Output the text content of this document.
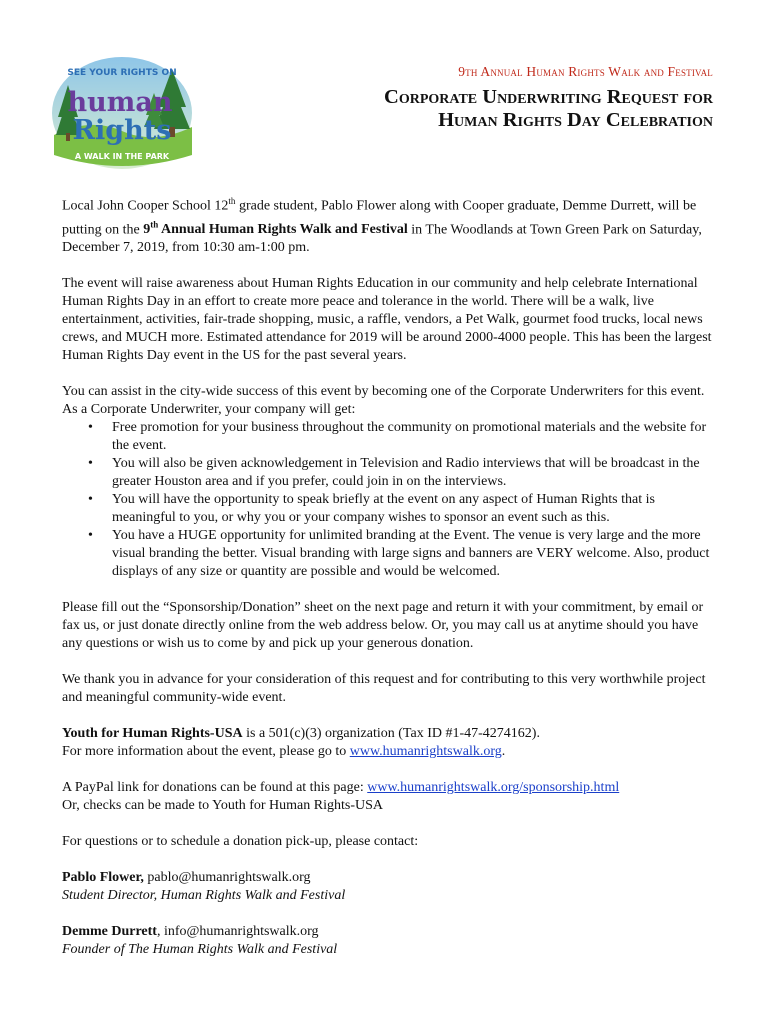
SEE YOUR RIGHTS ON
human
Rights
A WALK IN THE PARK
9th Annual Human Rights Walk and Festival
Corporate Underwriting Request for
Human Rights Day Celebration

Local John Cooper School 12th grade student, Pablo Flower along with Cooper graduate, Demme Durrett, will be putting on the 9th Annual Human Rights Walk and Festival in The Woodlands at Town Green Park on Saturday, December 7, 2019, from 10:30 am-1:00 pm.

The event will raise awareness about Human Rights Education in our community and help celebrate International Human Rights Day in an effort to create more peace and tolerance in the world. There will be a walk, live entertainment, activities, fair-trade shopping, music, a raffle, vendors, a Pet Walk, gourmet food trucks, local news crews, and MUCH more. Estimated attendance for 2019 will be around 2000-4000 people. This has been the largest Human Rights Day event in the US for the past several years.

You can assist in the city-wide success of this event by becoming one of the Corporate Underwriters for this event. As a Corporate Underwriter, your company will get:
• Free promotion for your business throughout the community on promotional materials and the website for the event.
• You will also be given acknowledgement in Television and Radio interviews that will be broadcast in the greater Houston area and if you prefer, could join in on the interviews.
• You will have the opportunity to speak briefly at the event on any aspect of Human Rights that is meaningful to you, or why you or your company wishes to sponsor an event such as this.
• You have a HUGE opportunity for unlimited branding at the Event. The venue is very large and the more visual branding the better. Visual branding with large signs and banners are VERY welcome. Also, product displays of any size or quantity are possible and would be welcomed.

Please fill out the “Sponsorship/Donation” sheet on the next page and return it with your commitment, by email or fax us, or just donate directly online from the web address below. Or, you may call us at anytime should you have any questions or wish us to come by and pick up your generous donation.

We thank you in advance for your consideration of this request and for contributing to this very worthwhile project and meaningful community-wide event.

Youth for Human Rights-USA is a 501(c)(3) organization (Tax ID #1-47-4274162).
For more information about the event, please go to www.humanrightswalk.org.

A PayPal link for donations can be found at this page: www.humanrightswalk.org/sponsorship.html
Or, checks can be made to Youth for Human Rights-USA

For questions or to schedule a donation pick-up, please contact:

Pablo Flower, pablo@humanrightswalk.org
Student Director, Human Rights Walk and Festival
Demme Durrett, info@humanrightswalk.org
Founder of The Human Rights Walk and Festival
